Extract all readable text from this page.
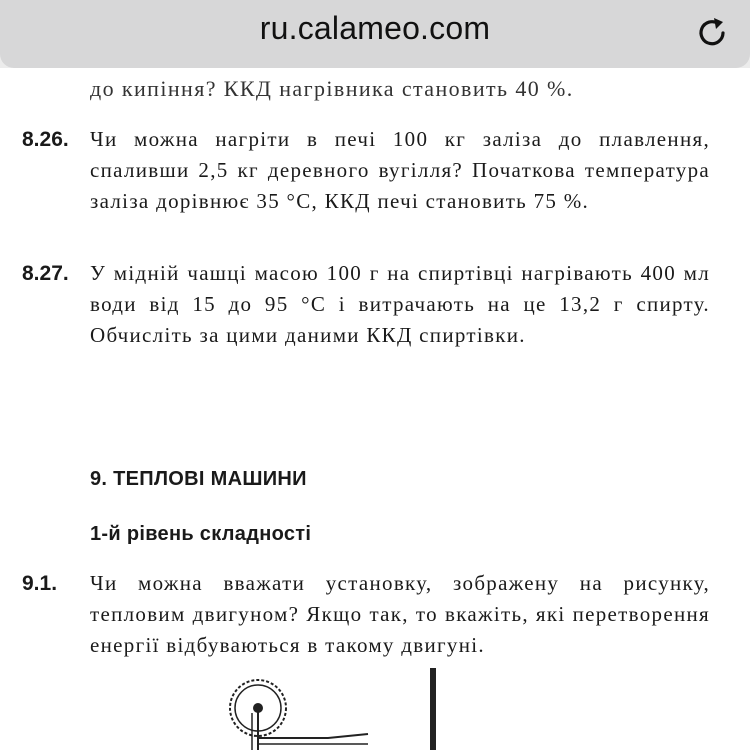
ru.calameo.com
до кипіння? ККД нагрівника становить 40 %.
8.26. Чи можна нагріти в печі 100 кг заліза до плавлення, спаливши 2,5 кг деревного вугілля? Початкова температура заліза дорівнює 35 °С, ККД печі становить 75 %.
8.27. У мідній чашці масою 100 г на спиртівці нагрівають 400 мл води від 15 до 95 °С і витрачають на це 13,2 г спирту. Обчисліть за цими даними ККД спиртівки.
9. ТЕПЛОВІ МАШИНИ
1-й рівень складності
9.1. Чи можна вважати установку, зображену на рисунку, тепловим двигуном? Якщо так, то вкажіть, які перетворення енергії відбуваються в такому двигуні.
